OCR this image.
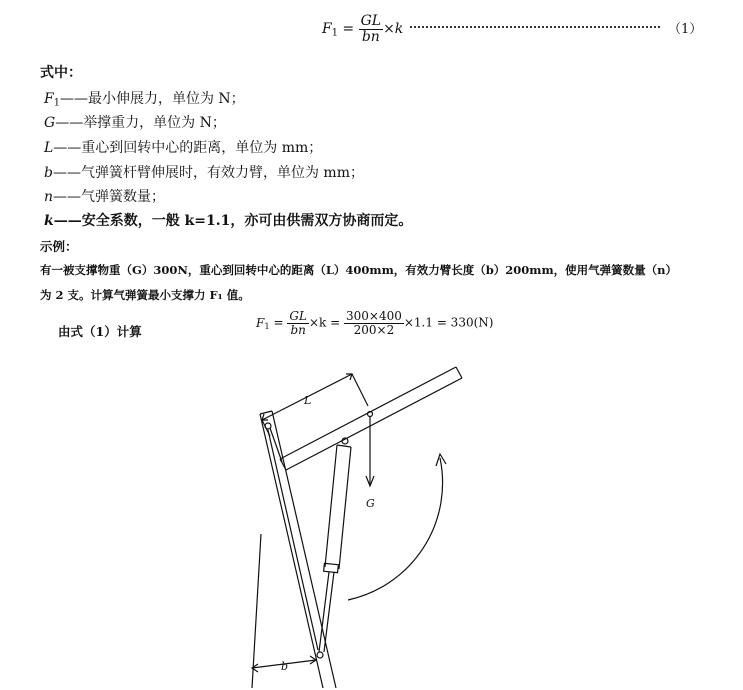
$F_1 = \frac{GL}{bn} \times k$	（1）
式中：
$F_1——$最小伸展力，单位为 N；
G——举撑重力，单位为 N；
L——重心到回转中心的距离，单位为 mm；
b——气弹簧杆臂伸展时，有效力臂，单位为 mm；
n——气弹簧数量；
k——安全系数，一般 k=1.1，亦可由供需双方协商而定。
示例：
有一被支撑物重（G）300N，重心到回转中心的距离（L）400mm，有效力臂长度（b）200mm，使用气弹簧数量（n）
为 2 支。计算气弹簧最小支撑力 F₁ 值。
由式（1）计算
$F_1 = \frac{GL}{bn} \times k = \frac{300\times 400}{200\times 2} \times 1.1 = 330(N)$
L
G
b
